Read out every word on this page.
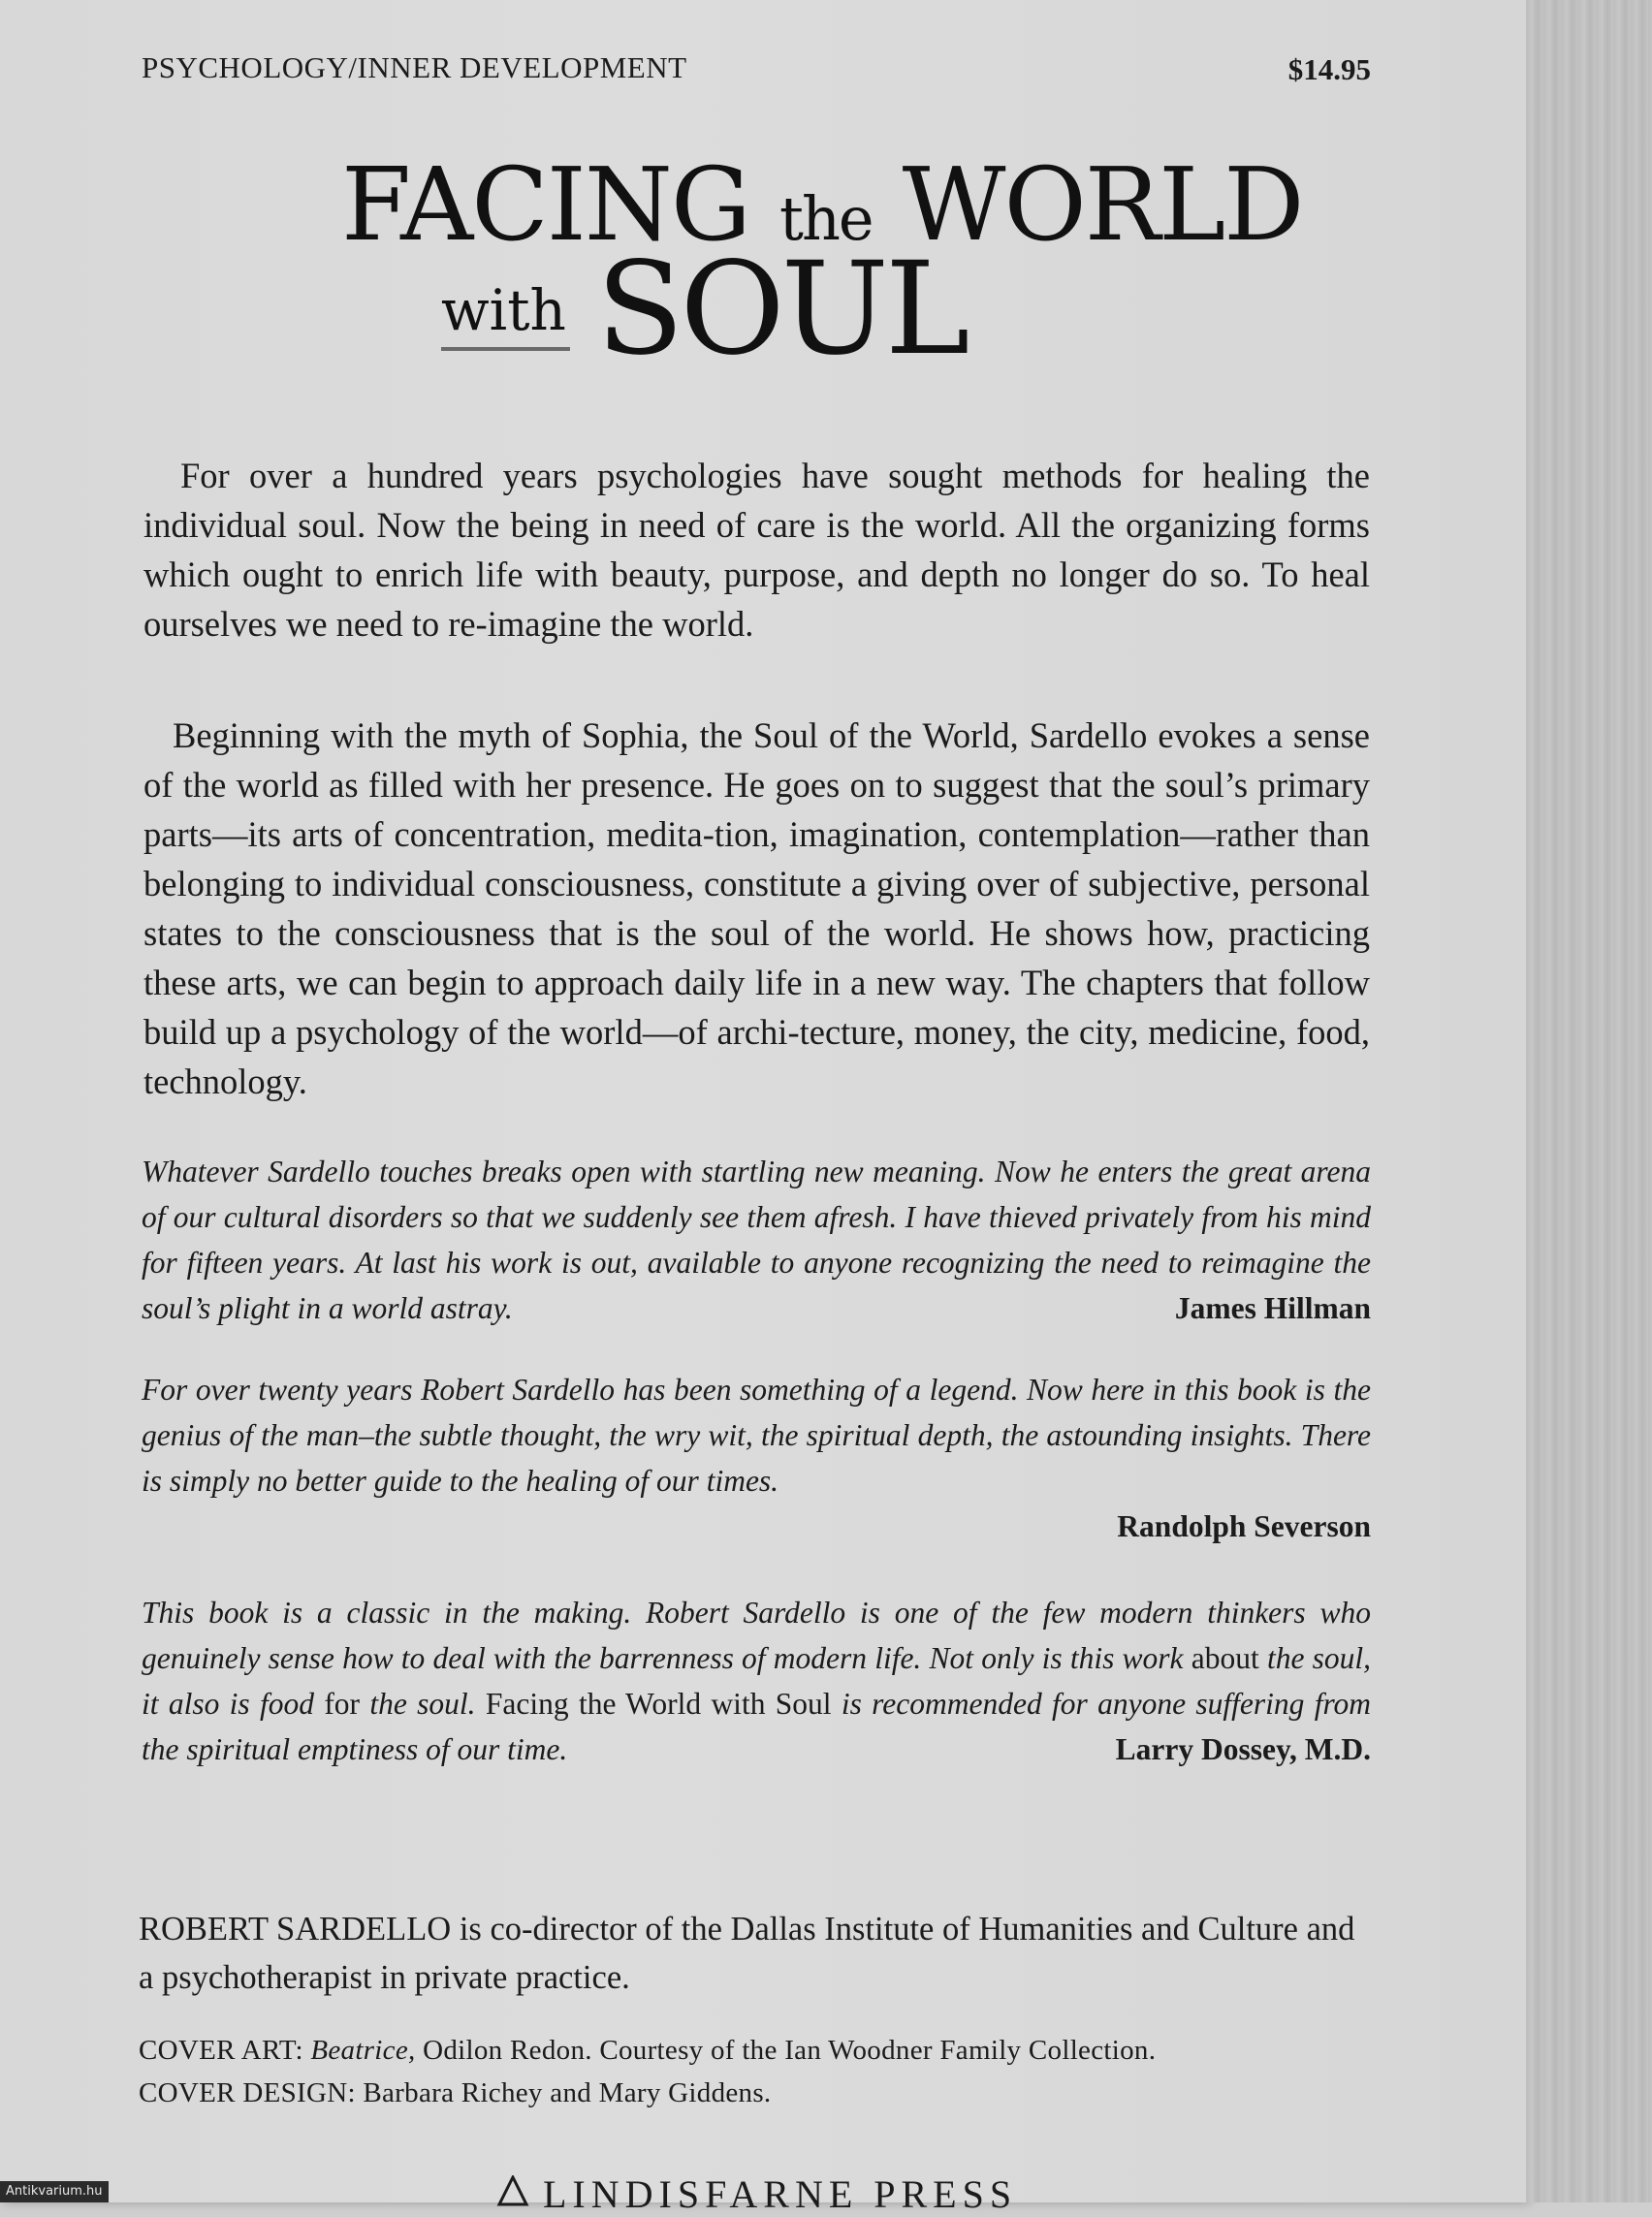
PSYCHOLOGY/INNER DEVELOPMENT	$14.95
FACING the WORLD
with SOUL

For over a hundred years psychologies have sought methods for healing the individual soul. Now the being in need of care is the world. All the organizing forms which ought to enrich life with beauty, purpose, and depth no longer do so. To heal ourselves we need to re-imagine the world.

Beginning with the myth of Sophia, the Soul of the World, Sardello evokes a sense of the world as filled with her presence. He goes on to suggest that the soul’s primary parts—its arts of concentration, medita-tion, imagination, contemplation—rather than belonging to individual consciousness, constitute a giving over of subjective, personal states to the consciousness that is the soul of the world. He shows how, practicing these arts, we can begin to approach daily life in a new way. The chapters that follow build up a psychology of the world—of archi-tecture, money, the city, medicine, food, technology.

Whatever Sardello touches breaks open with startling new meaning. Now he enters the great arena of our cultural disorders so that we suddenly see them afresh. I have thieved privately from his mind for fifteen years. At last his work is out, available to anyone recognizing the need to reimagine the soul’s plight in a world astray.	James Hillman
For over twenty years Robert Sardello has been something of a legend. Now here in this book is the genius of the man–the subtle thought, the wry wit, the spiritual depth, the astounding insights. There is simply no better guide to the healing of our times.
Randolph Severson
This book is a classic in the making. Robert Sardello is one of the few modern thinkers who genuinely sense how to deal with the barrenness of modern life. Not only is this work about the soul, it also is food for the soul. Facing the World with Soul is recommended for anyone suffering from the spiritual emptiness of our time.	Larry Dossey, M.D.

ROBERT SARDELLO is co-director of the Dallas Institute of Humanities and Culture and a psychotherapist in private practice.

COVER ART: Beatrice, Odilon Redon. Courtesy of the Ian Woodner Family Collection.
COVER DESIGN: Barbara Richey and Mary Giddens.
LINDISFARNE PRESS
Antikvarium.hu
